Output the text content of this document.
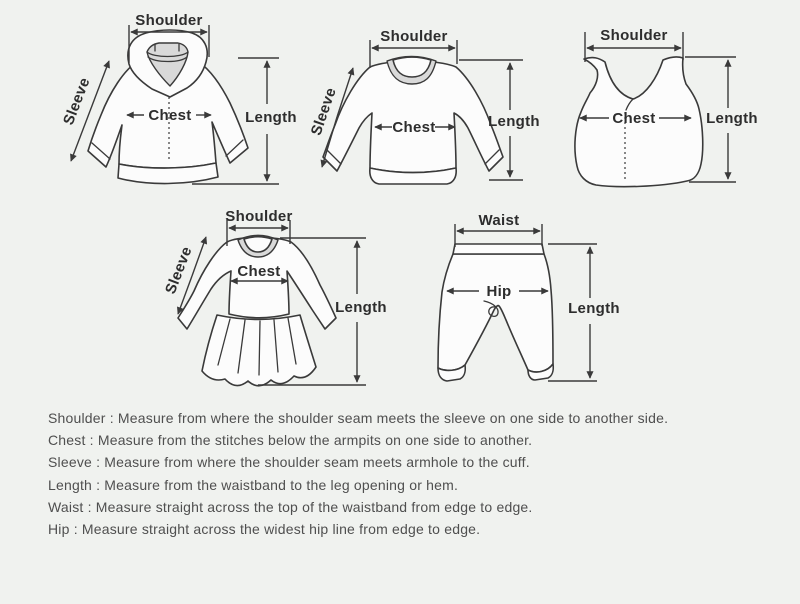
Shoulder
Sleeve	Chest	Length
Shoulder
Sleeve	Chest	Length
Shoulder
Chest	Length
Shoulder
Sleeve	Chest
Length
Waist
Hip
Length

Shoulder : Measure from where the shoulder seam meets the sleeve on one side to another side.

Chest : Measure from the stitches below the armpits on one side to another.

Sleeve : Measure from where the shoulder seam meets armhole to the cuff.

Length : Measure from the waistband to the leg opening or hem.

Waist : Measure straight across the top of the waistband from edge to edge.

Hip : Measure straight across the widest hip line from edge to edge.
